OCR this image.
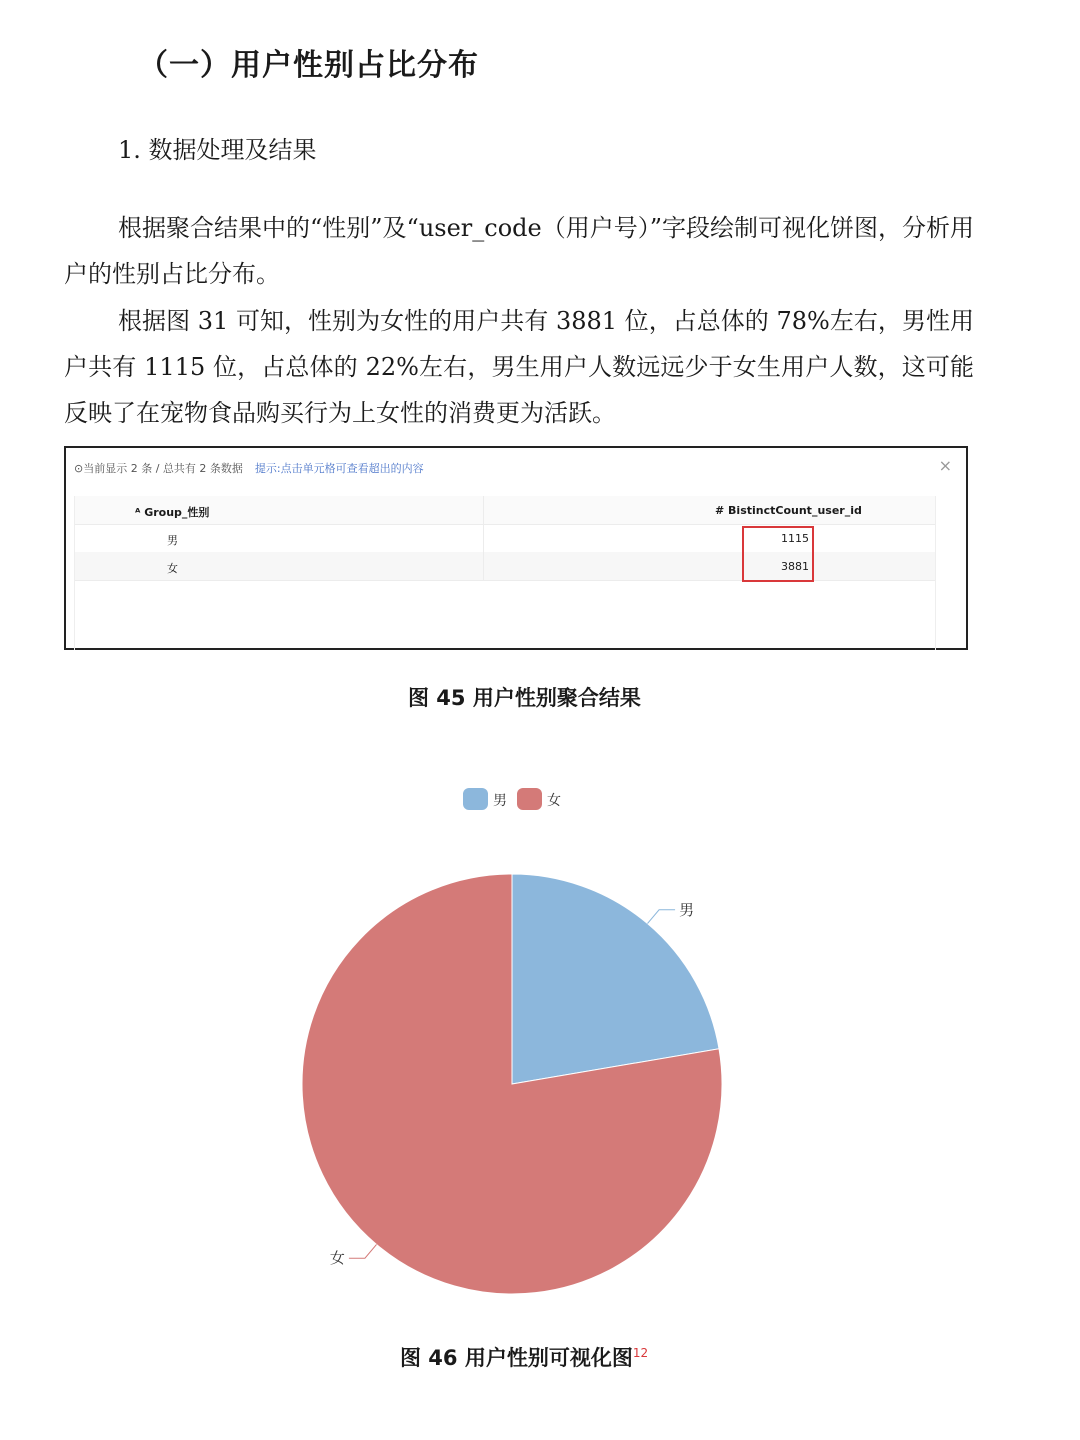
（一）用户性别占比分布
1. 数据处理及结果
根据聚合结果中的“性别”及“user_code（用户号）”字段绘制可视化饼图，分析用户的性别占比分布。
根据图 31 可知，性别为女性的用户共有 3881 位，占总体的 78%左右，男性用户共有 1115 位，占总体的 22%左右，男生用户人数远远少于女生用户人数，这可能反映了在宠物食品购买行为上女性的消费更为活跃。
⊙当前显示 2 条 / 总共有 2 条数据 提示:点击单元格可查看超出的内容	×
ᴬ Group_性别	# BistinctCount_user_id
男	1115
女	3881
图 45 用户性别聚合结果
男	女
男
女
图 46 用户性别可视化图$^{12}$
